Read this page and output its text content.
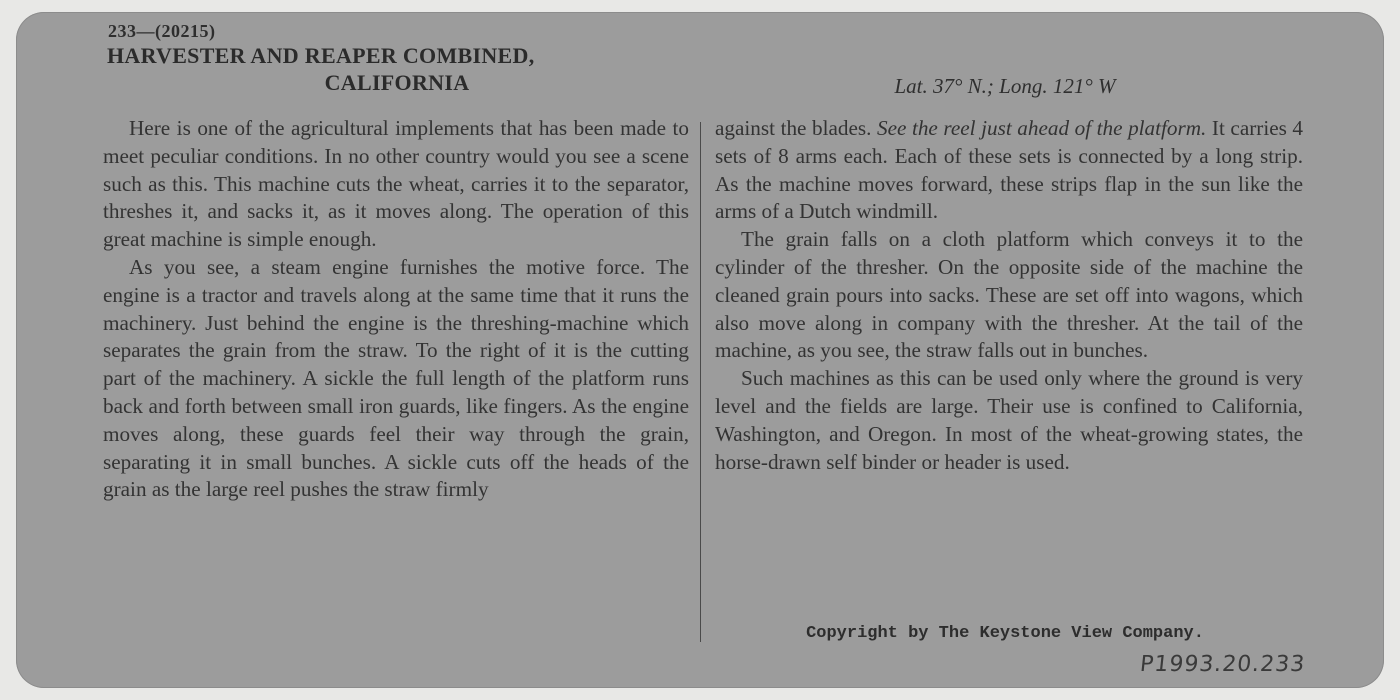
233—(20215)
HARVESTER AND REAPER COMBINED,
CALIFORNIA	Lat. 37° N.; Long. 121° W

Here is one of the agricultural implements that has been made to meet peculiar conditions. In no other country would you see a scene such as this. This machine cuts the wheat, carries it to the separator, threshes it, and sacks it, as it moves along. The operation of this great machine is simple enough.

As you see, a steam engine furnishes the motive force. The engine is a tractor and travels along at the same time that it runs the machinery. Just behind the engine is the threshing-machine which separates the grain from the straw. To the right of it is the cutting part of the machinery. A sickle the full length of the platform runs back and forth between small iron guards, like fingers. As the engine moves along, these guards feel their way through the grain, separating it in small bunches. A sickle cuts off the heads of the grain as the large reel pushes the straw firmly

against the blades. See the reel just ahead of the platform. It carries 4 sets of 8 arms each. Each of these sets is connected by a long strip. As the machine moves forward, these strips flap in the sun like the arms of a Dutch windmill.

The grain falls on a cloth platform which conveys it to the cylinder of the thresher. On the opposite side of the machine the cleaned grain pours into sacks. These are set off into wagons, which also move along in company with the thresher. At the tail of the machine, as you see, the straw falls out in bunches.

Such machines as this can be used only where the ground is very level and the fields are large. Their use is confined to California, Washington, and Oregon. In most of the wheat-growing states, the horse-drawn self binder or header is used.

Copyright by The Keystone View Company.
P1993.20.233
